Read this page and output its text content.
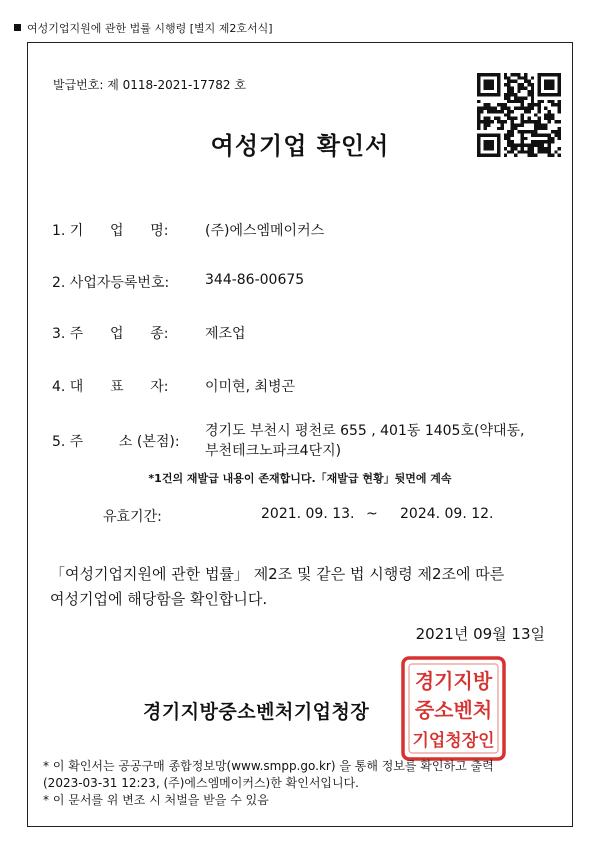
여성기업지원에 관한 법률 시행령 [별지 제2호서식]
발급번호: 제 0118-2021-17782 호
여성기업 확인서
1. 기      업      명:	(주)에스엠메이커스
2. 사업자등록번호:	344-86-00675
3. 주      업      종:	제조업
4. 대      표      자:	이미현, 최병곤
5. 주        소 (본점):
경기도 부천시 평천로 655 , 401동 1405호(약대동,
부천테크노파크4단지)
*1건의 재발급 내용이 존재합니다.「재발급 현황」뒷면에 계속
유효기간:	2021. 09. 13. ~ 2024. 09. 12.
「여성기업지원에 관한 법률」 제2조 및 같은 법 시행령 제2조에 따른
여성기업에 해당함을 확인합니다.
2021년 09월 13일
경기지방중소벤처기업청장
경기지방
중소벤처
기업청장인
* 이 확인서는 공공구매 종합정보망(www.smpp.go.kr) 을 통해 정보를 확인하고 출력
(2023-03-31 12:23, (주)에스엠메이커스)한 확인서입니다.
* 이 문서를 위 변조 시 처벌을 받을 수 있음
